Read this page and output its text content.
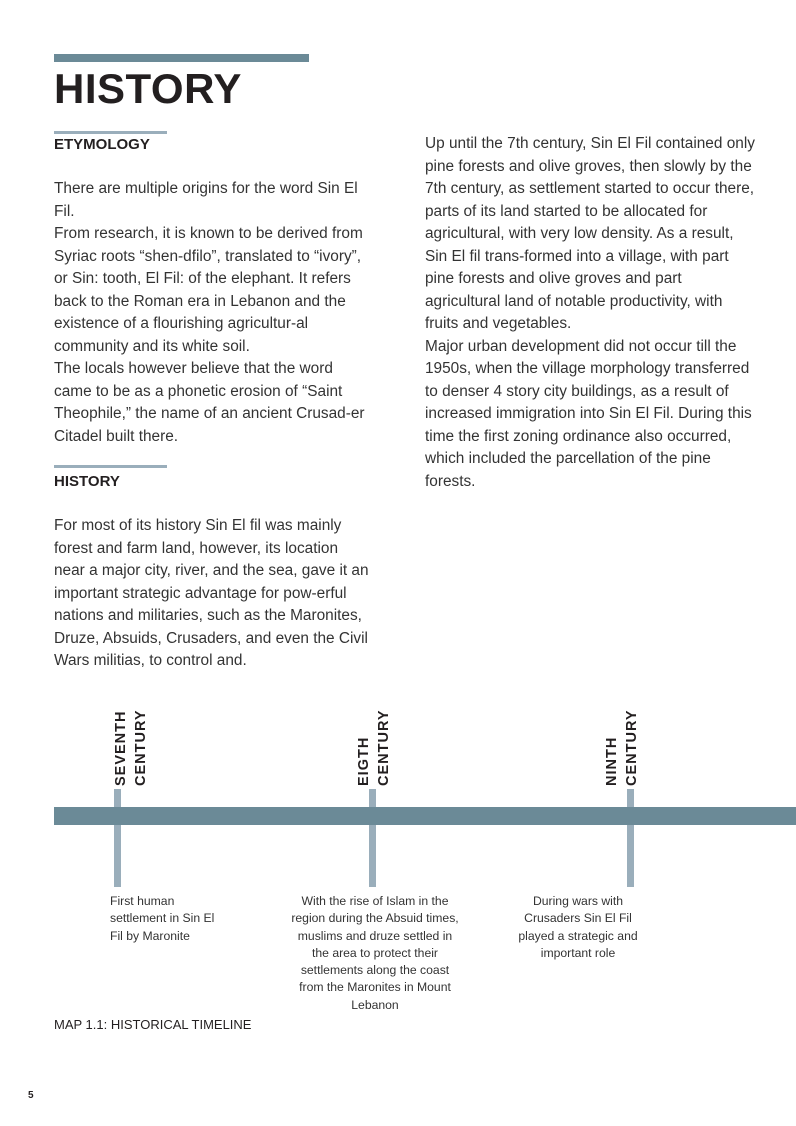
HISTORY
ETYMOLOGY

There are multiple origins for the word Sin El Fil.

From research, it is known to be derived from Syriac roots “shen-dfilo”, translated to “ivory”, or Sin: tooth, El Fil: of the elephant. It refers back to the Roman era in Lebanon and the existence of a flourishing agricultur-al community and its white soil.

The locals however believe that the word came to be as a phonetic erosion of “Saint Theophile,” the name of an ancient Crusad-er Citadel built there.

HISTORY

For most of its history Sin El fil was mainly forest and farm land, however, its location near a major city, river, and the sea, gave it an important strategic advantage for pow-erful nations and militaries, such as the Maronites, Druze, Absuids, Crusaders, and even the Civil Wars militias, to control and.

Up until the 7th century, Sin El Fil contained only pine forests and olive groves, then slowly by the 7th century, as settlement started to occur there, parts of its land started to be allocated for agricultural, with very low density. As a result, Sin El fil trans-formed into a village, with part pine forests and olive groves and part agricultural land of notable productivity, with fruits and vegetables.

Major urban development did not occur till the 1950s, when the village morphology transferred to denser 4 story city buildings, as a result of increased immigration into Sin El Fil. During this time the first zoning ordinance also occurred, which included the parcellation of the pine forests.

SEVENTH CENTURY	EIGTH CENTURY	NINTH CENTURY
First human settlement in Sin El Fil by Maronite
With the rise of Islam in the region during the Absuid times, muslims and druze settled in the area to protect their settlements along the coast from the Maronites in Mount Lebanon
During wars with Crusaders Sin El Fil played a strategic and important role
MAP 1.1: HISTORICAL TIMELINE
5
